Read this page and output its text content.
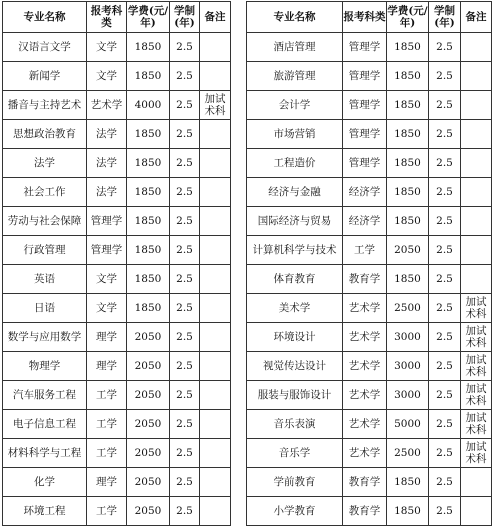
专业名称	报考科类	学费(元/年)	学制(年)	备注
汉语言文学	文学	1850	2.5	
新闻学	文学	1850	2.5	
播音与主持艺术	艺术学	4000	2.5	加试术科
思想政治教育	法学	1850	2.5	
法学	法学	1850	2.5	
社会工作	法学	1850	2.5	
劳动与社会保障	管理学	1850	2.5	
行政管理	管理学	1850	2.5	
英语	文学	1850	2.5	
日语	文学	1850	2.5	
数学与应用数学	理学	2050	2.5	
物理学	理学	2050	2.5	
汽车服务工程	工学	2050	2.5	
电子信息工程	工学	2050	2.5	
材料科学与工程	工学	2050	2.5	
化学	理学	2050	2.5	
环境工程	工学	2050	2.5	
专业名称	报考科类	学费(元/年)	学制(年)	备注
酒店管理	管理学	1850	2.5	
旅游管理	管理学	1850	2.5	
会计学	管理学	1850	2.5	
市场营销	管理学	1850	2.5	
工程造价	管理学	1850	2.5	
经济与金融	经济学	1850	2.5	
国际经济与贸易	经济学	1850	2.5	
计算机科学与技术	工学	2050	2.5	
体育教育	教育学	1850	2.5	
美术学	艺术学	2500	2.5	加试术科
环境设计	艺术学	3000	2.5	加试术科
视觉传达设计	艺术学	3000	2.5	加试术科
服装与服饰设计	艺术学	3000	2.5	加试术科
音乐表演	艺术学	5000	2.5	加试术科
音乐学	艺术学	2500	2.5	加试术科
学前教育	教育学	1850	2.5	
小学教育	教育学	1850	2.5	
